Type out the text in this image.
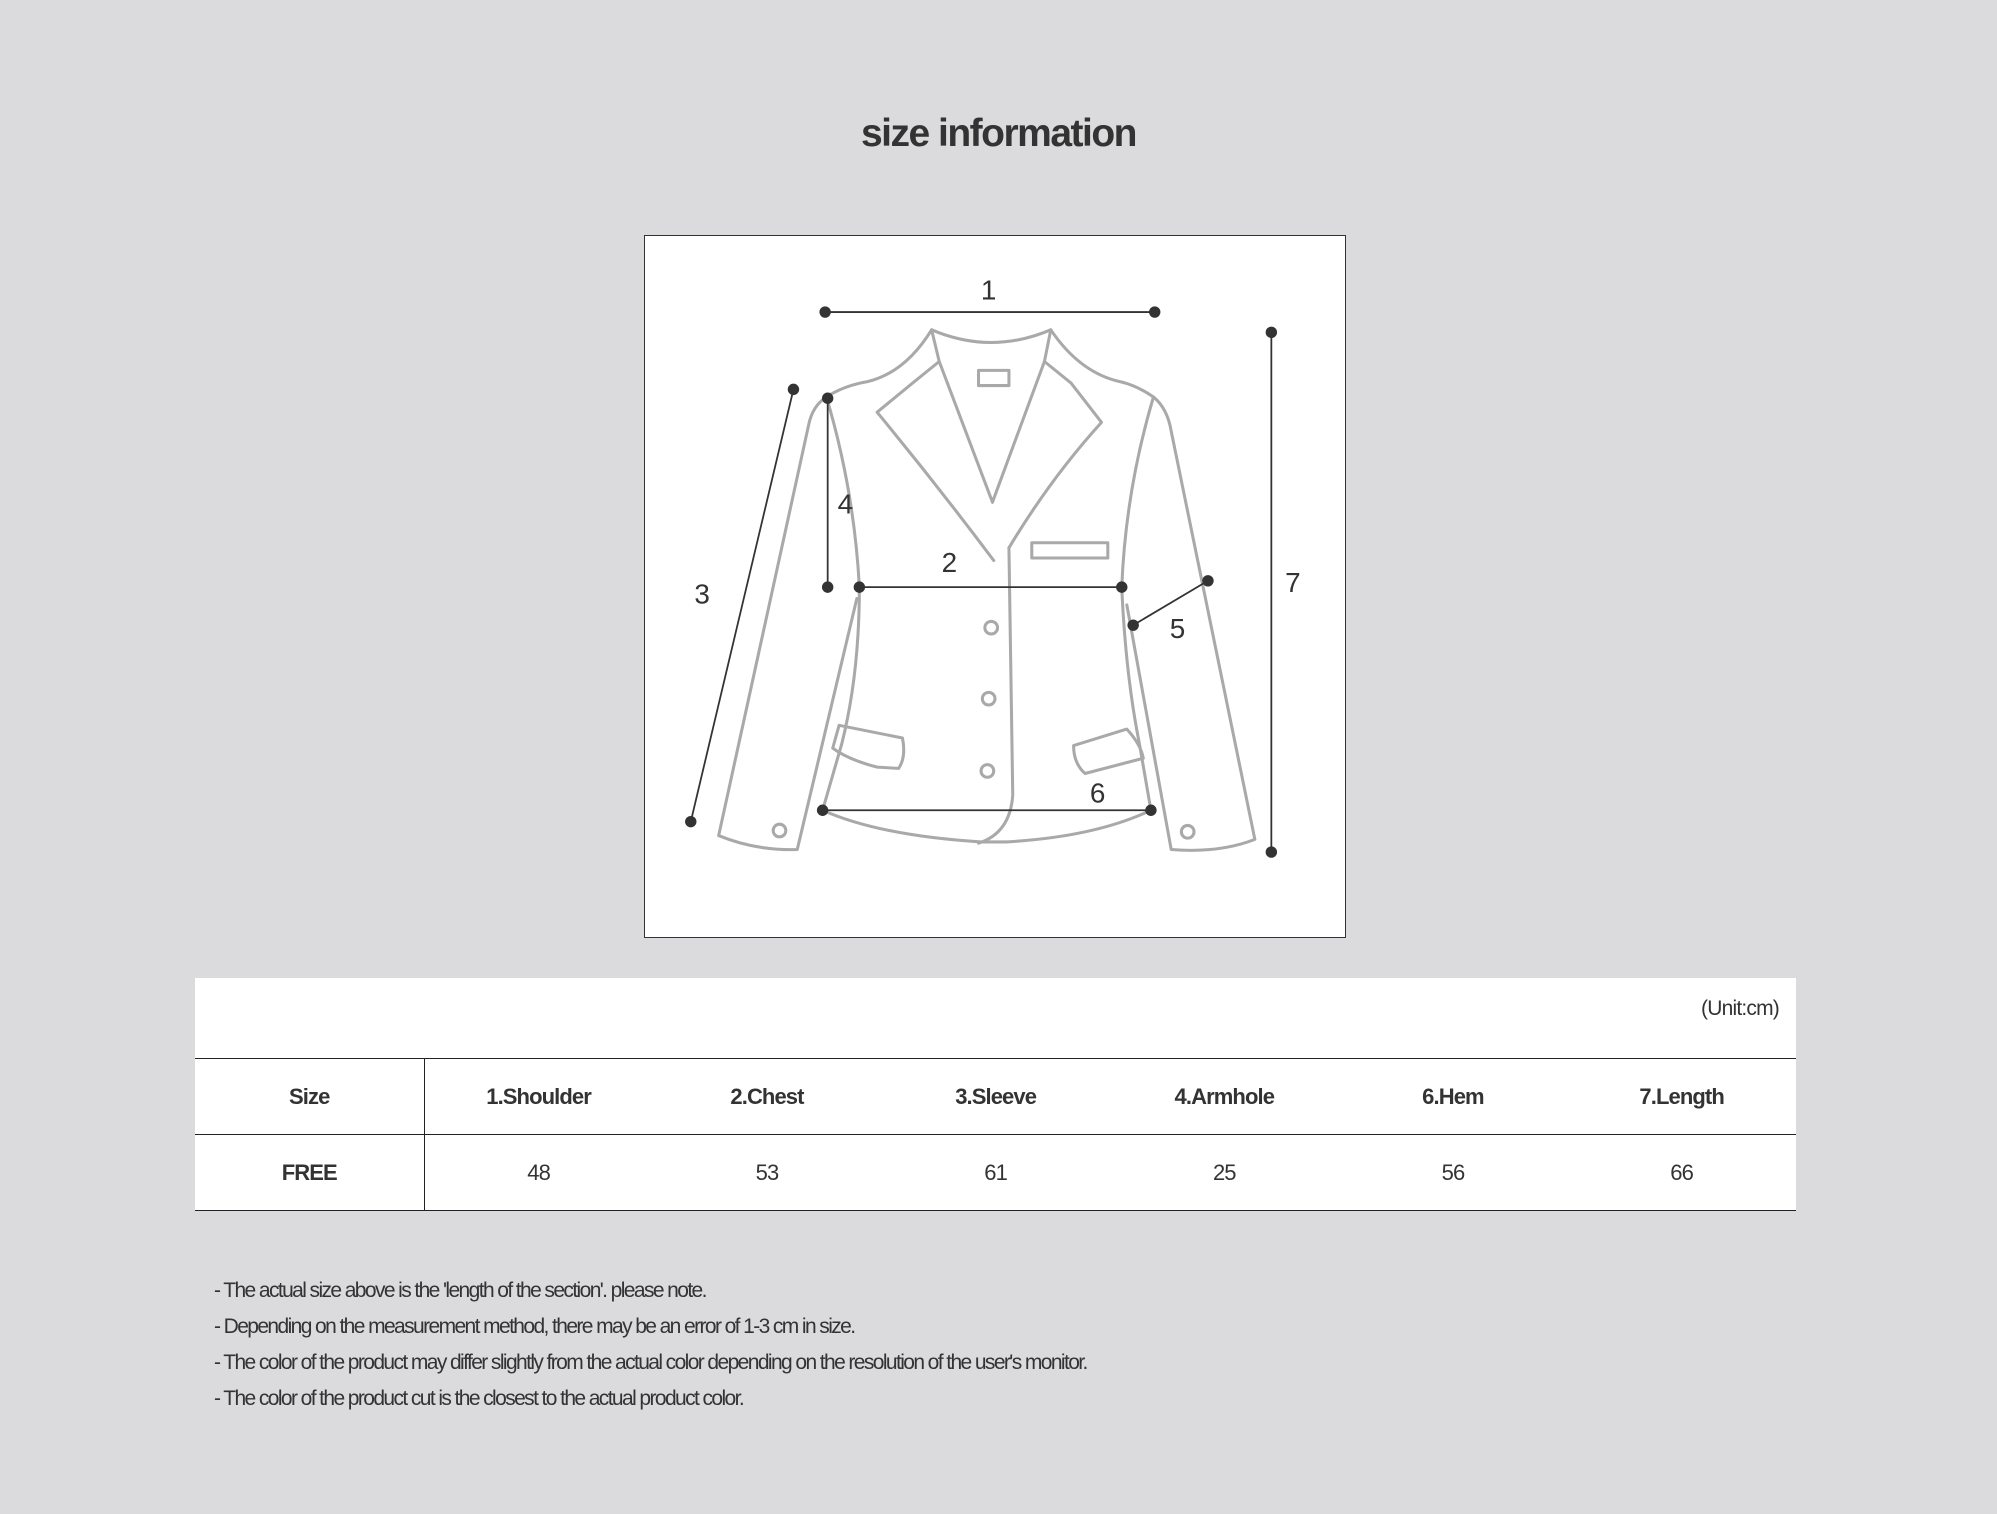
size information
1
2
3
4
5
6
7
(Unit:cm)
Size	1.Shoulder	2.Chest	3.Sleeve	4.Armhole	6.Hem	7.Length
FREE	48	53	61	25	56	66
- The actual size above is the 'length of the section'. please note.
- Depending on the measurement method, there may be an error of 1-3 cm in size.
- The color of the product may differ slightly from the actual color depending on the resolution of the user's monitor.
- The color of the product cut is the closest to the actual product color.
